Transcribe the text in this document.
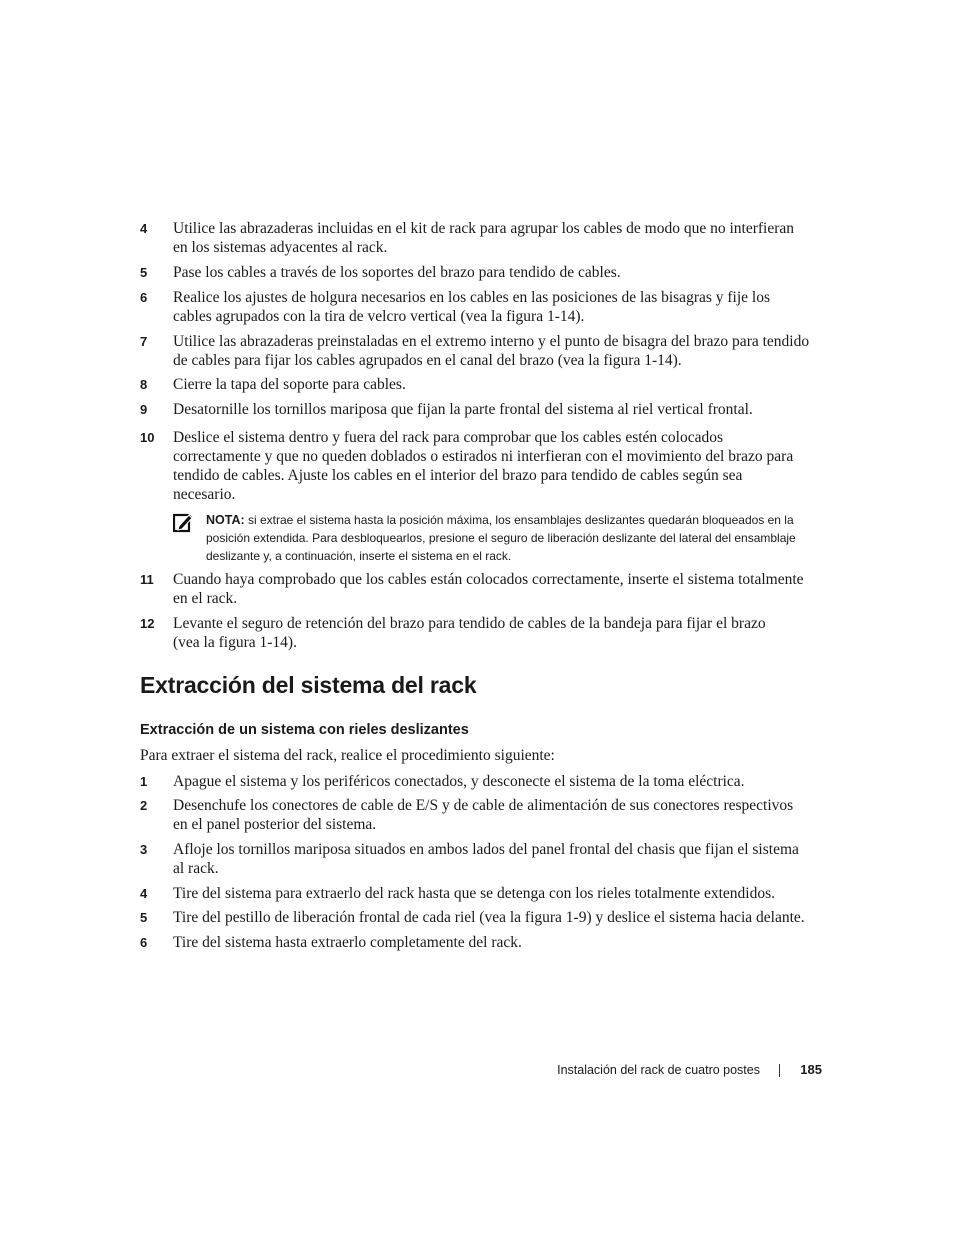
4	Utilice las abrazaderas incluidas en el kit de rack para agrupar los cables de modo que no interfieran en los sistemas adyacentes al rack.
5	Pase los cables a través de los soportes del brazo para tendido de cables.
6	Realice los ajustes de holgura necesarios en los cables en las posiciones de las bisagras y fije los cables agrupados con la tira de velcro vertical (vea la figura 1-14).
7	Utilice las abrazaderas preinstaladas en el extremo interno y el punto de bisagra del brazo para tendido de cables para fijar los cables agrupados en el canal del brazo (vea la figura 1-14).
8	Cierre la tapa del soporte para cables.
9	Desatornille los tornillos mariposa que fijan la parte frontal del sistema al riel vertical frontal.
10	Deslice el sistema dentro y fuera del rack para comprobar que los cables estén colocados correctamente y que no queden doblados o estirados ni interfieran con el movimiento del brazo para tendido de cables. Ajuste los cables en el interior del brazo para tendido de cables según sea necesario.
NOTA: si extrae el sistema hasta la posición máxima, los ensamblajes deslizantes quedarán bloqueados en la posición extendida. Para desbloquearlos, presione el seguro de liberación deslizante del lateral del ensamblaje deslizante y, a continuación, inserte el sistema en el rack.
11	Cuando haya comprobado que los cables están colocados correctamente, inserte el sistema totalmente en el rack.
12	Levante el seguro de retención del brazo para tendido de cables de la bandeja para fijar el brazo (vea la figura 1-14).
Extracción del sistema del rack
Extracción de un sistema con rieles deslizantes
Para extraer el sistema del rack, realice el procedimiento siguiente:
1	Apague el sistema y los periféricos conectados, y desconecte el sistema de la toma eléctrica.
2	Desenchufe los conectores de cable de E/S y de cable de alimentación de sus conectores respectivos en el panel posterior del sistema.
3	Afloje los tornillos mariposa situados en ambos lados del panel frontal del chasis que fijan el sistema al rack.
4	Tire del sistema para extraerlo del rack hasta que se detenga con los rieles totalmente extendidos.
5	Tire del pestillo de liberación frontal de cada riel (vea la figura 1-9) y deslice el sistema hacia delante.
6	Tire del sistema hasta extraerlo completamente del rack.
Instalación del rack de cuatro postes	185
